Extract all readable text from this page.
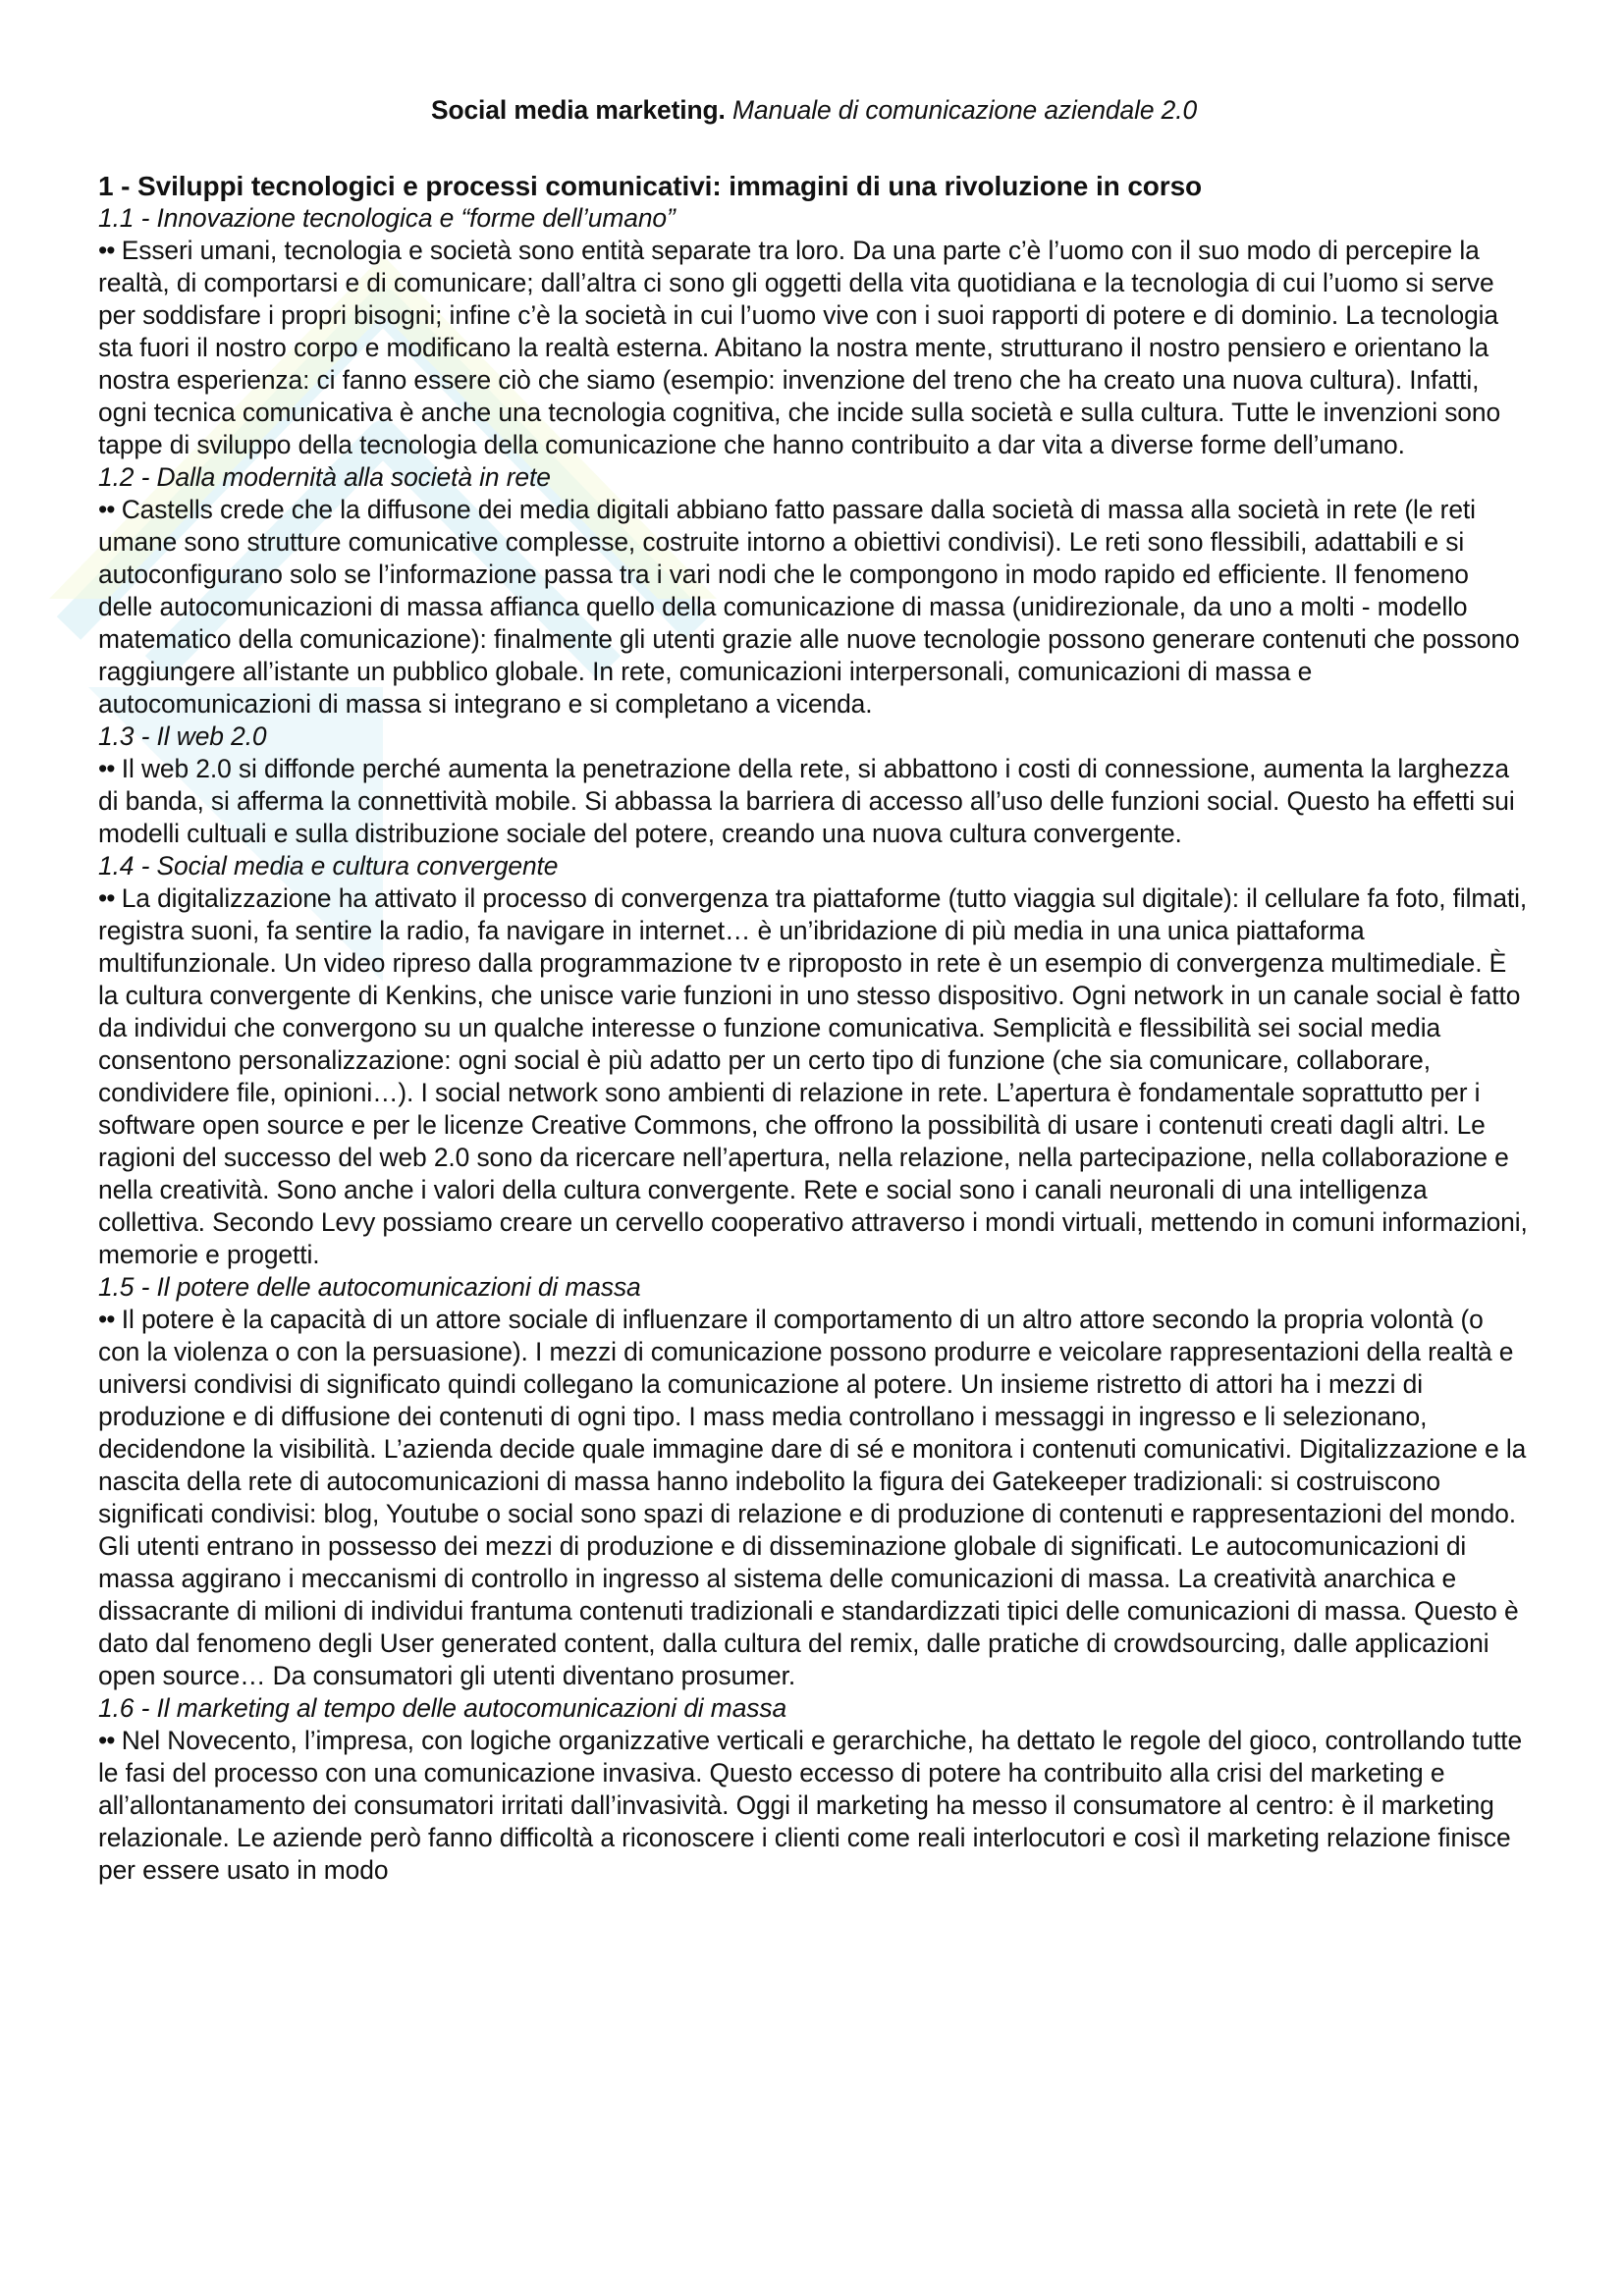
Social media marketing. Manuale di comunicazione aziendale 2.0
1 - Sviluppi tecnologici e processi comunicativi: immagini di una rivoluzione in corso
1.1 - Innovazione tecnologica e “forme dell’umano”

•• Esseri umani, tecnologia e società sono entità separate tra loro. Da una parte c’è l’uomo con il suo modo di percepire la realtà, di comportarsi e di comunicare; dall’altra ci sono gli oggetti della vita quotidiana e la tecnologia di cui l’uomo si serve per soddisfare i propri bisogni; infine c’è la società in cui l’uomo vive con i suoi rapporti di potere e di dominio. La tecnologia sta fuori il nostro corpo e modificano la realtà esterna. Abitano la nostra mente, strutturano il nostro pensiero e orientano la nostra esperienza: ci fanno essere ciò che siamo (esempio: invenzione del treno che ha creato una nuova cultura). Infatti, ogni tecnica comunicativa è anche una tecnologia cognitiva, che incide sulla società e sulla cultura. Tutte le invenzioni sono tappe di sviluppo della tecnologia della comunicazione che hanno contribuito a dar vita a diverse forme dell’umano.

1.2 - Dalla modernità alla società in rete

•• Castells crede che la diffusone dei media digitali abbiano fatto passare dalla società di massa alla società in rete (le reti umane sono strutture comunicative complesse, costruite intorno a obiettivi condivisi). Le reti sono flessibili, adattabili e si autoconfigurano solo se l’informazione passa tra i vari nodi che le compongono in modo rapido ed efficiente. Il fenomeno delle autocomunicazioni di massa affianca quello della comunicazione di massa (unidirezionale, da uno a molti - modello matematico della comunicazione): finalmente gli utenti grazie alle nuove tecnologie possono generare contenuti che possono raggiungere all’istante un pubblico globale. In rete, comunicazioni interpersonali, comunicazioni di massa e autocomunicazioni di massa si integrano e si completano a vicenda.

1.3 - Il web 2.0

•• Il web 2.0 si diffonde perché aumenta la penetrazione della rete, si abbattono i costi di connessione, aumenta la larghezza di banda, si afferma la connettività mobile. Si abbassa la barriera di accesso all’uso delle funzioni social. Questo ha effetti sui modelli cultuali e sulla distribuzione sociale del potere, creando una nuova cultura convergente.

1.4 - Social media e cultura convergente

•• La digitalizzazione ha attivato il processo di convergenza tra piattaforme (tutto viaggia sul digitale): il cellulare fa foto, filmati, registra suoni, fa sentire la radio, fa navigare in internet… è un’ibridazione di più media in una unica piattaforma multifunzionale. Un video ripreso dalla programmazione tv e riproposto in rete è un esempio di convergenza multimediale. È la cultura convergente di Kenkins, che unisce varie funzioni in uno stesso dispositivo. Ogni network in un canale social è fatto da individui che convergono su un qualche interesse o funzione comunicativa. Semplicità e flessibilità sei social media consentono personalizzazione: ogni social è più adatto per un certo tipo di funzione (che sia comunicare, collaborare, condividere file, opinioni…). I social network sono ambienti di relazione in rete. L’apertura è fondamentale soprattutto per i software open source e per le licenze Creative Commons, che offrono la possibilità di usare i contenuti creati dagli altri. Le ragioni del successo del web 2.0 sono da ricercare nell’apertura, nella relazione, nella partecipazione, nella collaborazione e nella creatività. Sono anche i valori della cultura convergente. Rete e social sono i canali neuronali di una intelligenza collettiva. Secondo Levy possiamo creare un cervello cooperativo attraverso i mondi virtuali, mettendo in comuni informazioni, memorie e progetti.

1.5 - Il potere delle autocomunicazioni di massa

•• Il potere è la capacità di un attore sociale di influenzare il comportamento di un altro attore secondo la propria volontà (o con la violenza o con la persuasione). I mezzi di comunicazione possono produrre e veicolare rappresentazioni della realtà e universi condivisi di significato quindi collegano la comunicazione al potere. Un insieme ristretto di attori ha i mezzi di produzione e di diffusione dei contenuti di ogni tipo. I mass media controllano i messaggi in ingresso e li selezionano, decidendone la visibilità. L’azienda decide quale immagine dare di sé e monitora i contenuti comunicativi. Digitalizzazione e la nascita della rete di autocomunicazioni di massa hanno indebolito la figura dei Gatekeeper tradizionali: si costruiscono significati condivisi: blog, Youtube o social sono spazi di relazione e di produzione di contenuti e rappresentazioni del mondo. Gli utenti entrano in possesso dei mezzi di produzione e di disseminazione globale di significati. Le autocomunicazioni di massa aggirano i meccanismi di controllo in ingresso al sistema delle comunicazioni di massa. La creatività anarchica e dissacrante di milioni di individui frantuma contenuti tradizionali e standardizzati tipici delle comunicazioni di massa. Questo è dato dal fenomeno degli User generated content, dalla cultura del remix, dalle pratiche di crowdsourcing, dalle applicazioni open source… Da consumatori gli utenti diventano prosumer.

1.6 - Il marketing al tempo delle autocomunicazioni di massa

•• Nel Novecento, l’impresa, con logiche organizzative verticali e gerarchiche, ha dettato le regole del gioco, controllando tutte le fasi del processo con una comunicazione invasiva. Questo eccesso di potere ha contribuito alla crisi del marketing e all’allontanamento dei consumatori irritati dall’invasività. Oggi il marketing ha messo il consumatore al centro: è il marketing relazionale. Le aziende però fanno difficoltà a riconoscere i clienti come reali interlocutori e così il marketing relazione finisce per essere usato in modo
